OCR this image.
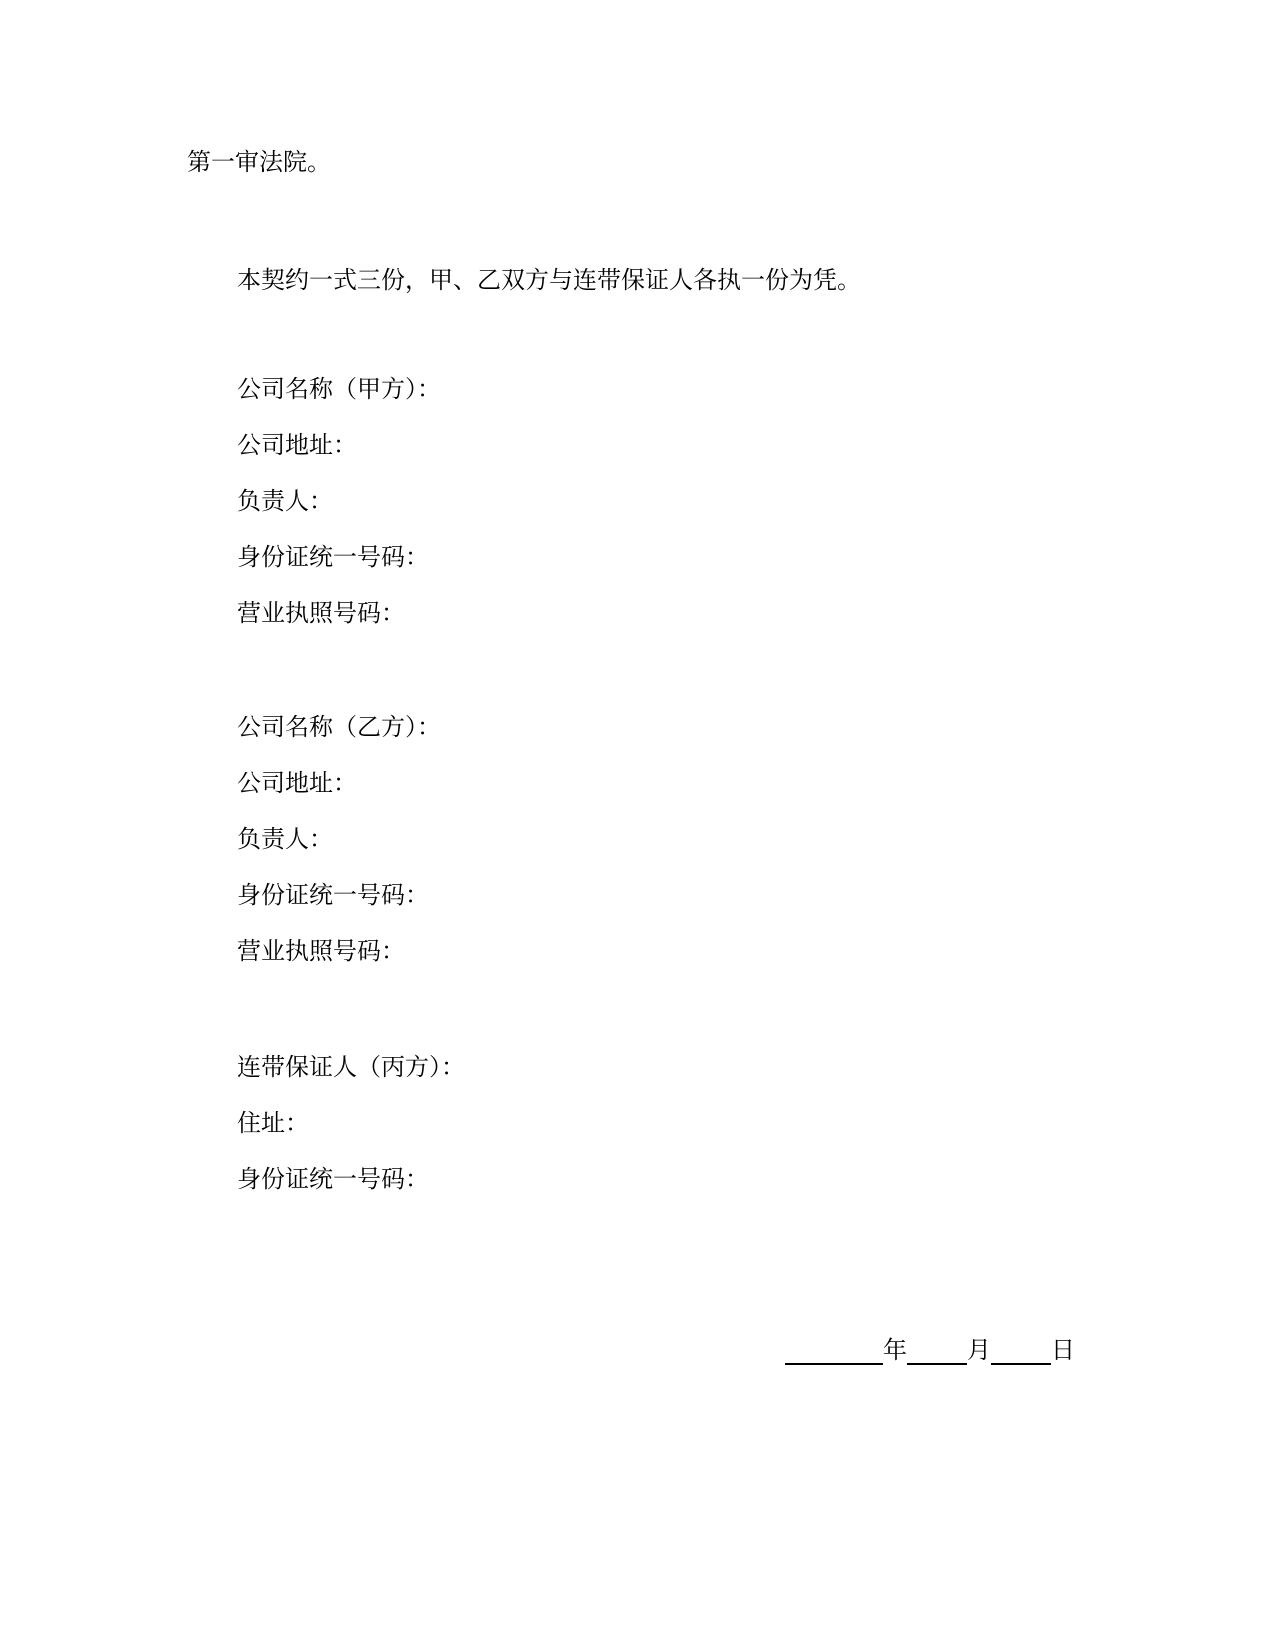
第一审法院。
本契约一式三份，甲、乙双方与连带保证人各执一份为凭。
公司名称（甲方）：
公司地址：
负责人：
身份证统一号码：
营业执照号码：
公司名称（乙方）：
公司地址：
负责人：
身份证统一号码：
营业执照号码：
连带保证人（丙方）：
住址：
身份证统一号码：
年	月	日
